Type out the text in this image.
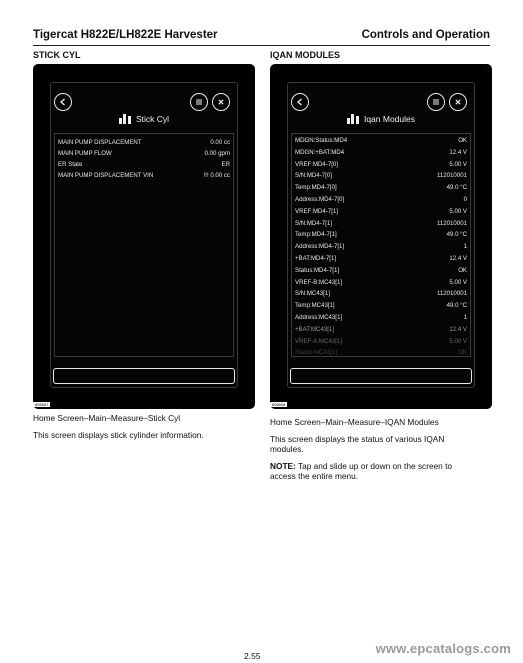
Tigercat H822E/LH822E Harvester	Controls and Operation
STICK CYL
Stick Cyl
MAIN PUMP DISPLACEMENT	0.00 cc
MAIN PUMP FLOW	0.00 gpm
ER State	ER
MAIN PUMP DISPLACEMENT VIN	!!! 0.00 cc
806507
Home Screen–Main–Measure–Stick Cyl
This screen displays stick cylinder information.
IQAN MODULES
Iqan Modules
MDGN:Status:MD4	OK
MDGN:+BAT:MD4	12.4 V
VREF:MD4-7[0]	5.00 V
S/N:MD4-7[0]	112010001
Temp:MD4-7[0]	49.0 °C
Address:MD4-7[0]	0
VREF:MD4-7[1]	5.00 V
S/N:MD4-7[1]	112010001
Temp:MD4-7[1]	49.0 °C
Address:MD4-7[1]	1
+BAT:MD4-7[1]	12.4 V
Status:MD4-7[1]	OK
VREF-B:MC43[1]	5.00 V
S/N:MC43[1]	112010001
Temp:MC43[1]	49.0 °C
Address:MC43[1]	1
+BAT:MC43[1]	12.4 V
VREF-A:MC43[1]	5.00 V
Status:MC43[1]	OK
806508
Home Screen–Main–Measure–IQAN Modules
This screen displays the status of various IQAN modules.
NOTE: Tap and slide up or down on the screen to access the entire menu.
2.55	www.epcatalogs.com
